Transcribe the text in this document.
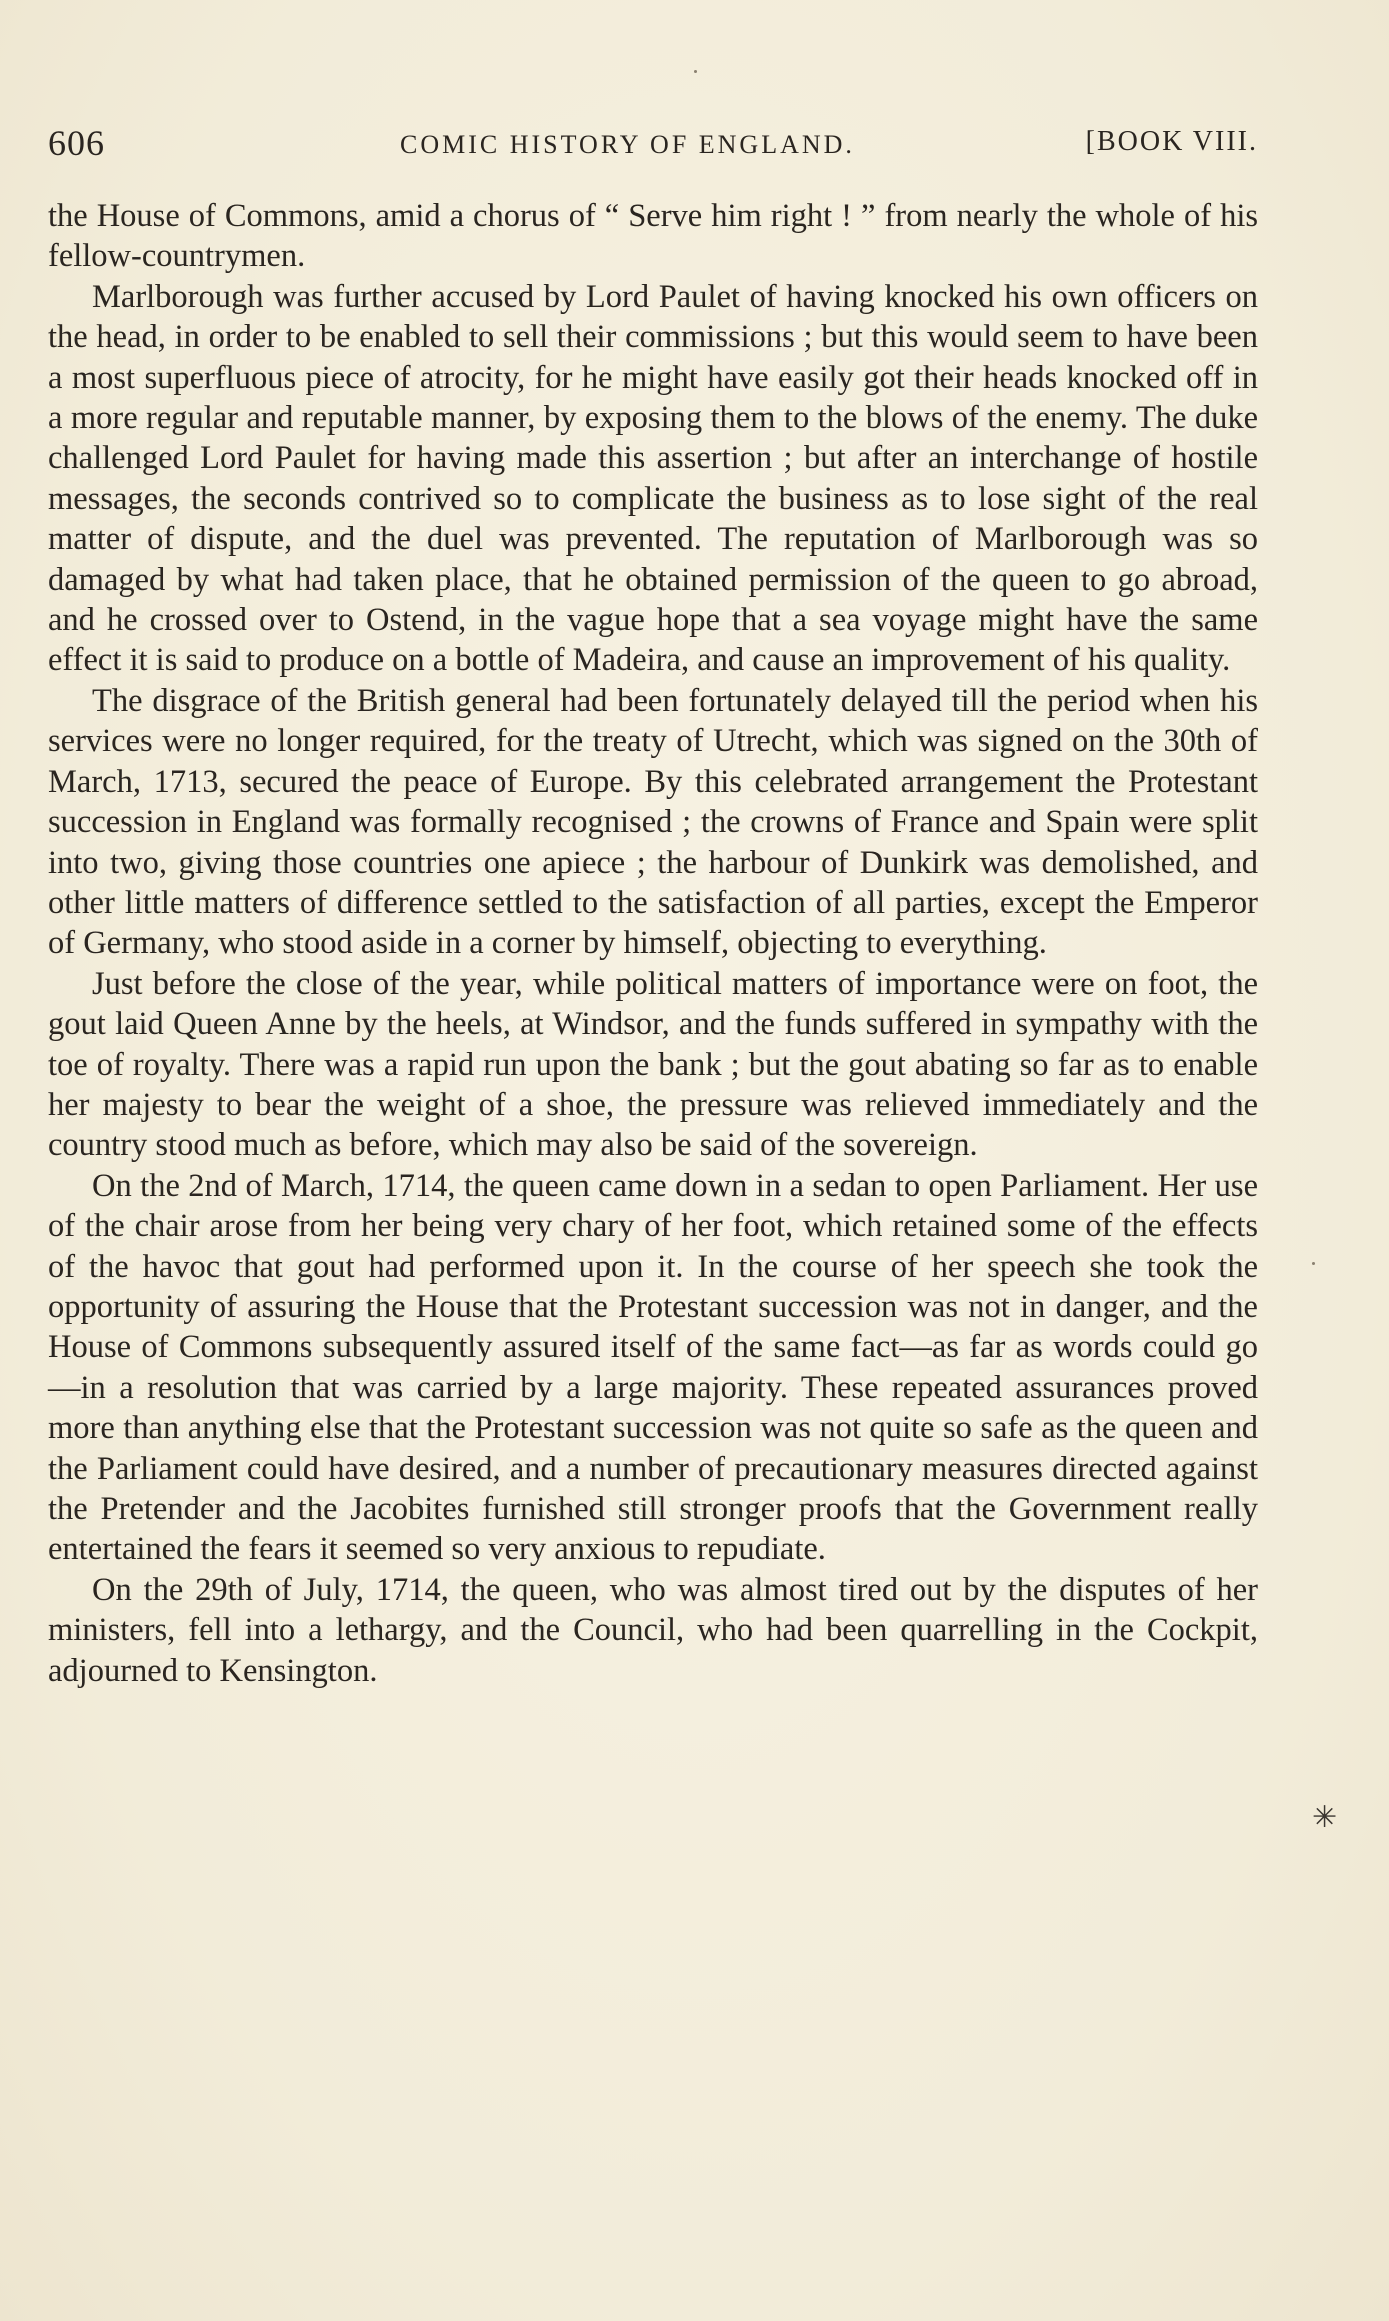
606	COMIC HISTORY OF ENGLAND.	[BOOK VIII.

the House of Commons, amid a chorus of “ Serve him right ! ” from nearly the whole of his fellow-countrymen.

Marlborough was further accused by Lord Paulet of having knocked his own officers on the head, in order to be enabled to sell their commissions ; but this would seem to have been a most superfluous piece of atrocity, for he might have easily got their heads knocked off in a more regular and reputable manner, by exposing them to the blows of the enemy. The duke challenged Lord Paulet for having made this assertion ; but after an interchange of hostile messages, the seconds contrived so to complicate the business as to lose sight of the real matter of dispute, and the duel was prevented. The reputation of Marlborough was so damaged by what had taken place, that he obtained permission of the queen to go abroad, and he crossed over to Ostend, in the vague hope that a sea voyage might have the same effect it is said to produce on a bottle of Madeira, and cause an improvement of his quality.

The disgrace of the British general had been fortunately delayed till the period when his services were no longer required, for the treaty of Utrecht, which was signed on the 30th of March, 1713, secured the peace of Europe. By this celebrated arrangement the Protestant succession in England was formally recognised ; the crowns of France and Spain were split into two, giving those countries one apiece ; the harbour of Dunkirk was demolished, and other little matters of difference settled to the satisfaction of all parties, except the Emperor of Germany, who stood aside in a corner by himself, objecting to everything.

Just before the close of the year, while political matters of importance were on foot, the gout laid Queen Anne by the heels, at Windsor, and the funds suffered in sympathy with the toe of royalty. There was a rapid run upon the bank ; but the gout abating so far as to enable her majesty to bear the weight of a shoe, the pressure was relieved immediately and the country stood much as before, which may also be said of the sovereign.

On the 2nd of March, 1714, the queen came down in a sedan to open Parliament. Her use of the chair arose from her being very chary of her foot, which retained some of the effects of the havoc that gout had performed upon it. In the course of her speech she took the opportunity of assuring the House that the Protestant succession was not in danger, and the House of Commons subsequently assured itself of the same fact—as far as words could go—in a resolution that was carried by a large majority. These repeated assurances proved more than anything else that the Protestant succession was not quite so safe as the queen and the Parliament could have desired, and a number of precautionary measures directed against the Pretender and the Jacobites furnished still stronger proofs that the Government really entertained the fears it seemed so very anxious to repudiate.

On the 29th of July, 1714, the queen, who was almost tired out by the disputes of her ministers, fell into a lethargy, and the Council, who had been quarrelling in the Cockpit, adjourned to Kensington.

✳
